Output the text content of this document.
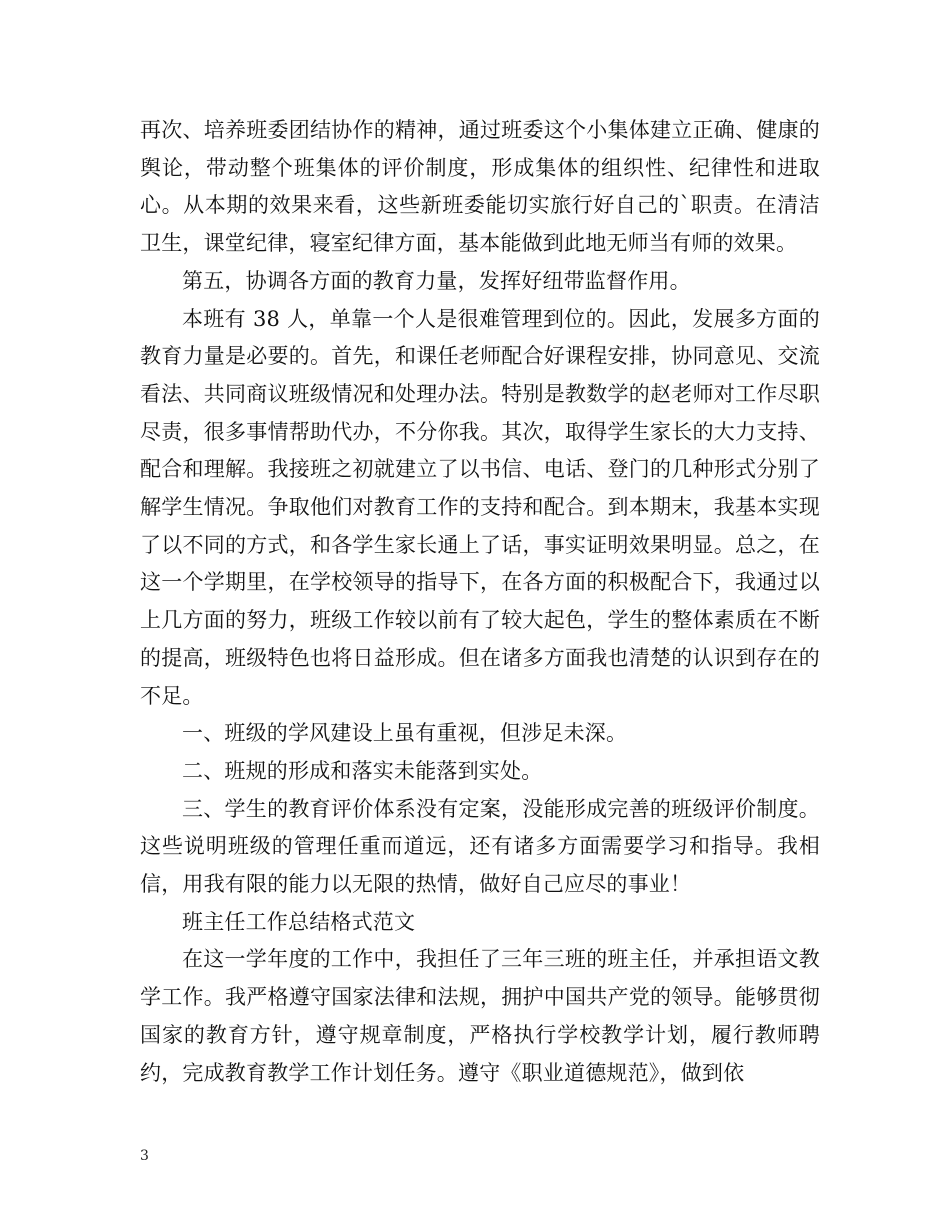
再次、培养班委团结协作的精神，通过班委这个小集体建立正确、健康的舆论，带动整个班集体的评价制度，形成集体的组织性、纪律性和进取心。从本期的效果来看，这些新班委能切实旅行好自己的`职责。在清洁卫生，课堂纪律，寝室纪律方面，基本能做到此地无师当有师的效果。

第五，协调各方面的教育力量，发挥好纽带监督作用。

本班有 38 人，单靠一个人是很难管理到位的。因此，发展多方面的教育力量是必要的。首先，和课任老师配合好课程安排，协同意见、交流看法、共同商议班级情况和处理办法。特别是教数学的赵老师对工作尽职尽责，很多事情帮助代办，不分你我。其次，取得学生家长的大力支持、配合和理解。我接班之初就建立了以书信、电话、登门的几种形式分别了解学生情况。争取他们对教育工作的支持和配合。到本期末，我基本实现了以不同的方式，和各学生家长通上了话，事实证明效果明显。总之，在这一个学期里，在学校领导的指导下，在各方面的积极配合下，我通过以上几方面的努力，班级工作较以前有了较大起色，学生的整体素质在不断的提高，班级特色也将日益形成。但在诸多方面我也清楚的认识到存在的不足。

一、班级的学风建设上虽有重视，但涉足未深。

二、班规的形成和落实未能落到实处。

三、学生的教育评价体系没有定案，没能形成完善的班级评价制度。这些说明班级的管理任重而道远，还有诸多方面需要学习和指导。我相信，用我有限的能力以无限的热情，做好自己应尽的事业！

班主任工作总结格式范文

在这一学年度的工作中，我担任了三年三班的班主任，并承担语文教学工作。我严格遵守国家法律和法规，拥护中国共产党的领导。能够贯彻国家的教育方针，遵守规章制度，严格执行学校教学计划，履行教师聘约，完成教育教学工作计划任务。遵守《职业道德规范》，做到依

3
